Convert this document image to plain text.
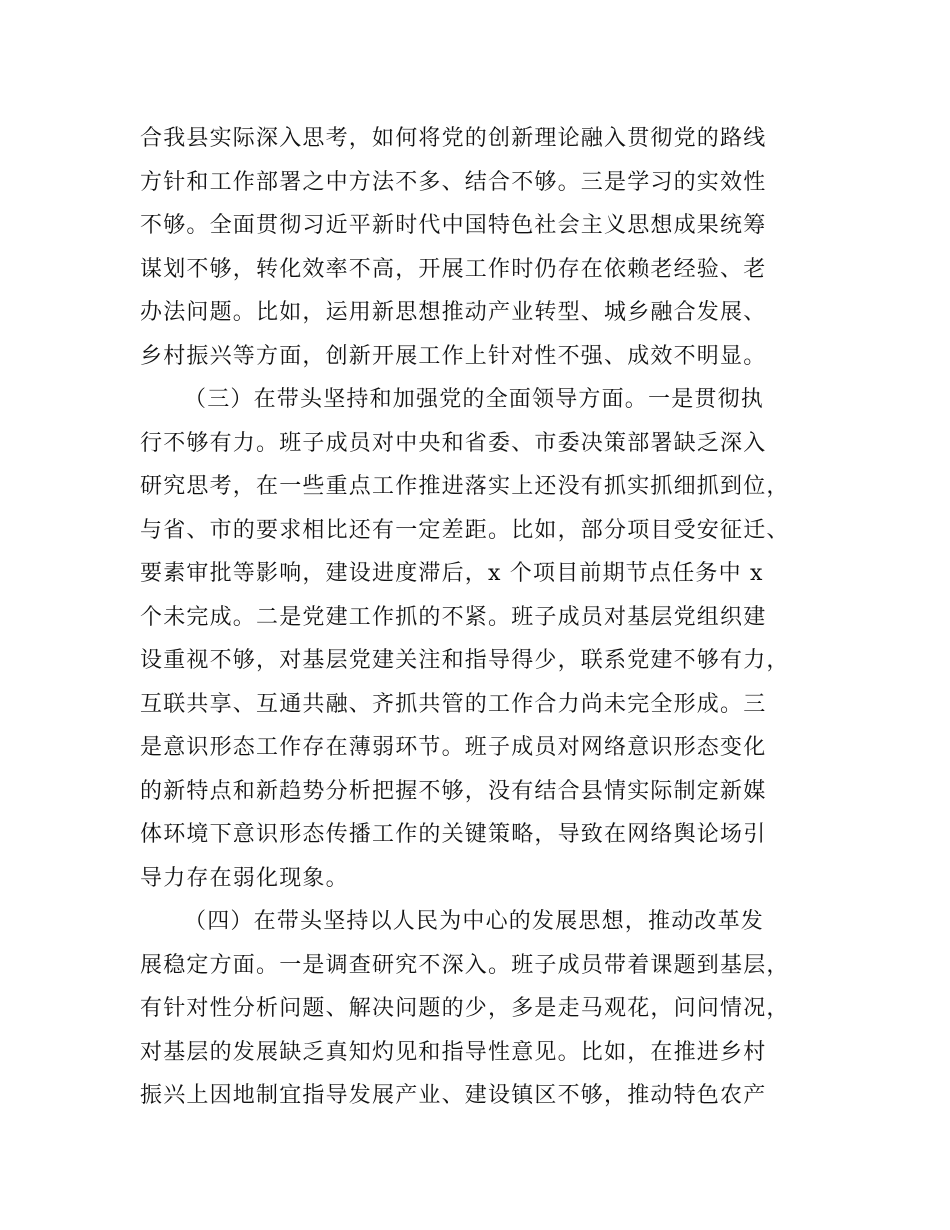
合我县实际深入思考，如何将党的创新理论融入贯彻党的路线
方针和工作部署之中方法不多、结合不够。三是学习的实效性
不够。全面贯彻习近平新时代中国特色社会主义思想成果统筹
谋划不够，转化效率不高，开展工作时仍存在依赖老经验、老
办法问题。比如，运用新思想推动产业转型、城乡融合发展、
乡村振兴等方面，创新开展工作上针对性不强、成效不明显。
（三）在带头坚持和加强党的全面领导方面。一是贯彻执
行不够有力。班子成员对中央和省委、市委决策部署缺乏深入
研究思考，在一些重点工作推进落实上还没有抓实抓细抓到位，
与省、市的要求相比还有一定差距。比如，部分项目受安征迁、
要素审批等影响，建设进度滞后，x 个项目前期节点任务中 x
个未完成。二是党建工作抓的不紧。班子成员对基层党组织建
设重视不够，对基层党建关注和指导得少，联系党建不够有力，
互联共享、互通共融、齐抓共管的工作合力尚未完全形成。三
是意识形态工作存在薄弱环节。班子成员对网络意识形态变化
的新特点和新趋势分析把握不够，没有结合县情实际制定新媒
体环境下意识形态传播工作的关键策略，导致在网络舆论场引
导力存在弱化现象。
（四）在带头坚持以人民为中心的发展思想，推动改革发
展稳定方面。一是调查研究不深入。班子成员带着课题到基层，
有针对性分析问题、解决问题的少，多是走马观花，问问情况，
对基层的发展缺乏真知灼见和指导性意见。比如，在推进乡村
振兴上因地制宜指导发展产业、建设镇区不够，推动特色农产
